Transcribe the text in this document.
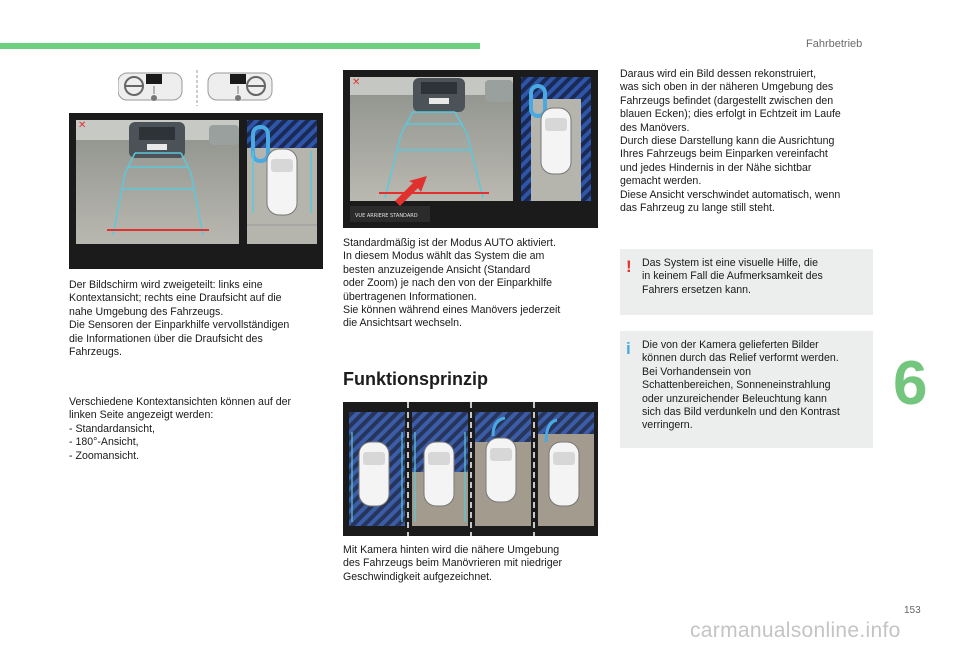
Fahrbetrieb
✕
Der Bildschirm wird zweigeteilt: links eine
Kontextansicht; rechts eine Draufsicht auf die
nahe Umgebung des Fahrzeugs.
Die Sensoren der Einparkhilfe vervollständigen
die Informationen über die Draufsicht des
Fahrzeugs.
Verschiedene Kontextansichten können auf der
linken Seite angezeigt werden:
- Standardansicht,
- 180°-Ansicht,
- Zoomansicht.
✕
VUE ARRIERE STANDARD
Standardmäßig ist der Modus AUTO aktiviert.
In diesem Modus wählt das System die am
besten anzuzeigende Ansicht (Standard
oder Zoom) je nach den von der Einparkhilfe
übertragenen Informationen.
Sie können während eines Manövers jederzeit
die Ansichtsart wechseln.
Funktionsprinzip
Mit Kamera hinten wird die nähere Umgebung
des Fahrzeugs beim Manövrieren mit niedriger
Geschwindigkeit aufgezeichnet.
Daraus wird ein Bild dessen rekonstruiert,
was sich oben in der näheren Umgebung des
Fahrzeugs befindet (dargestellt zwischen den
blauen Ecken); dies erfolgt in Echtzeit im Laufe
des Manövers.
Durch diese Darstellung kann die Ausrichtung
Ihres Fahrzeugs beim Einparken vereinfacht
und jedes Hindernis in der Nähe sichtbar
gemacht werden.
Diese Ansicht verschwindet automatisch, wenn
das Fahrzeug zu lange still steht.
! Das System ist eine visuelle Hilfe, die
in keinem Fall die Aufmerksamkeit des
Fahrers ersetzen kann.
i Die von der Kamera gelieferten Bilder
können durch das Relief verformt werden.
Bei Vorhandensein von
Schattenbereichen, Sonneneinstrahlung
oder unzureichender Beleuchtung kann
sich das Bild verdunkeln und den Kontrast
verringern.
6
153
carmanualsonline.info
